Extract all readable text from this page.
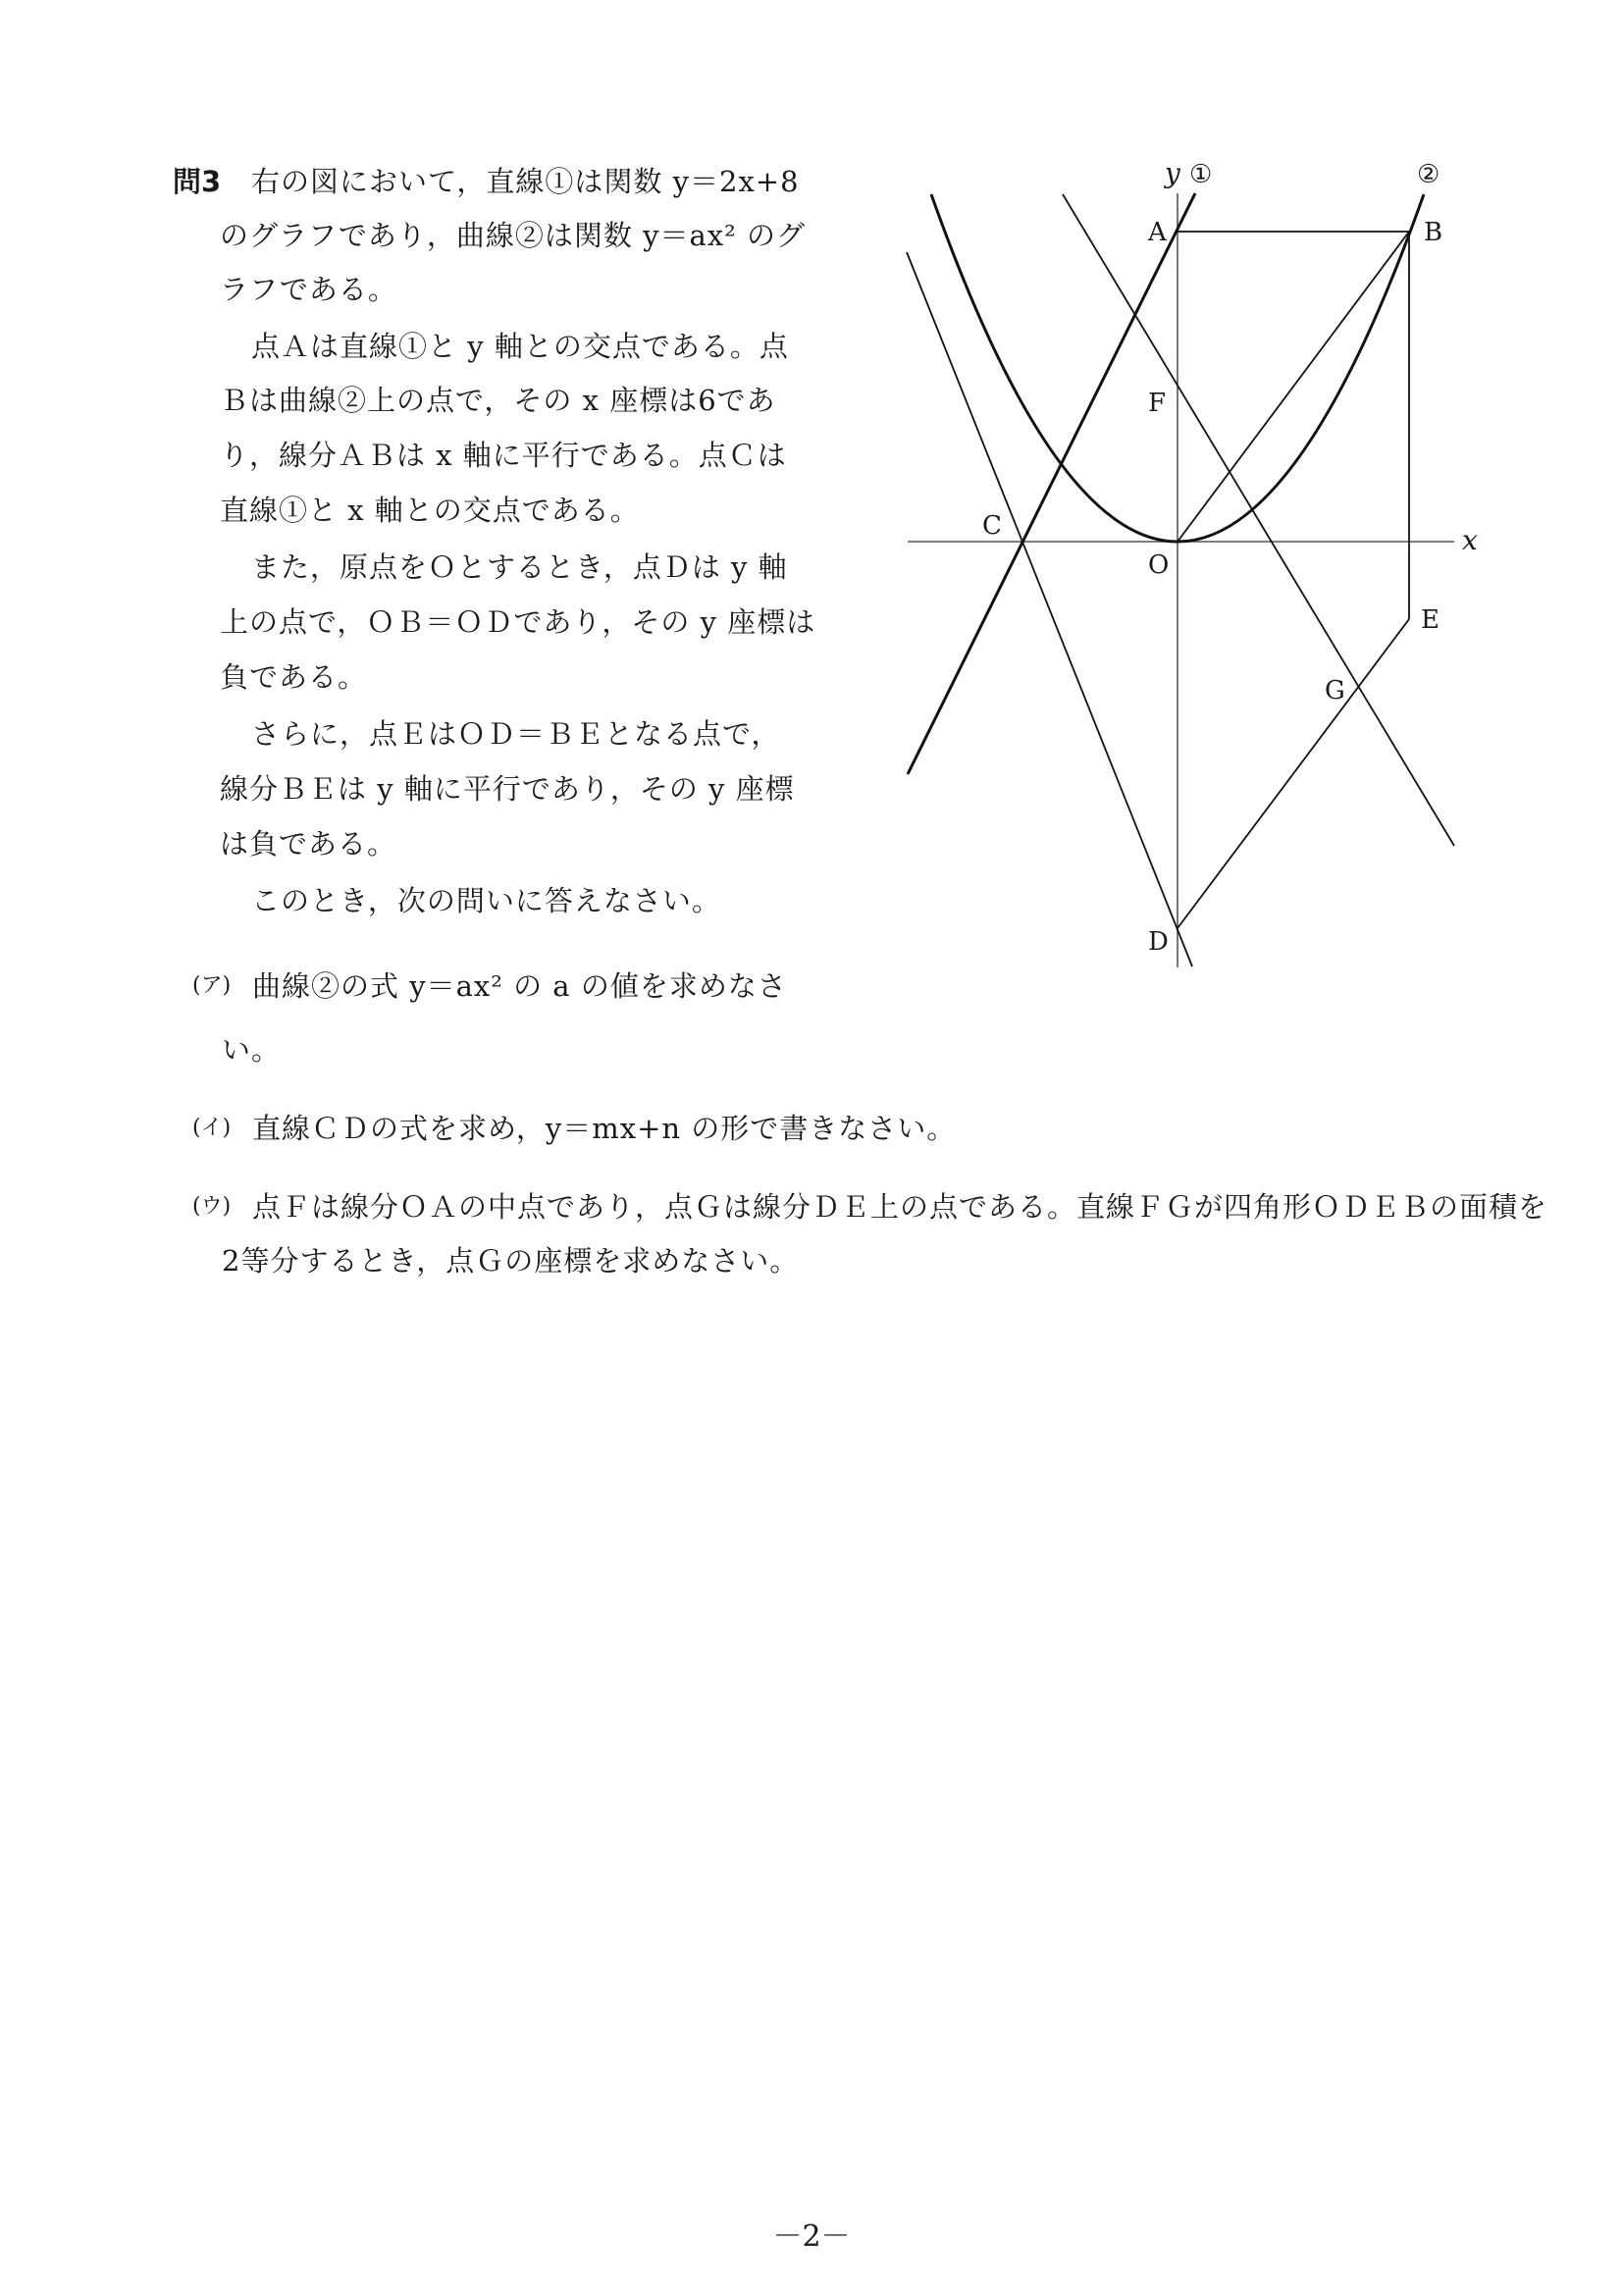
問3 右の図において，直線①は関数 y＝2x+8
のグラフであり，曲線②は関数 y＝ax² のグ
ラフである。
点Ａは直線①と y 軸との交点である。点
Ｂは曲線②上の点で，その x 座標は6であ
り，線分ＡＢは x 軸に平行である。点Ｃは
直線①と x 軸との交点である。
また，原点をＯとするとき，点Ｄは y 軸
上の点で，ＯＢ＝ＯＤであり，その y 座標は
負である。
さらに，点ＥはＯＤ＝ＢＥとなる点で，
線分ＢＥは y 軸に平行であり，その y 座標
は負である。
このとき，次の問いに答えなさい。
(ア) 曲線②の式 y＝ax² の a の値を求めなさ
い。
(イ) 直線ＣＤの式を求め，y＝mx+n の形で書きなさい。
(ウ) 点Ｆは線分ＯＡの中点であり，点Ｇは線分ＤＥ上の点である。直線ＦＧが四角形ＯＤＥＢの面積を
2等分するとき，点Ｇの座標を求めなさい。
y ①	②
x
A	B
C
O
F
E
G
D
－2－
